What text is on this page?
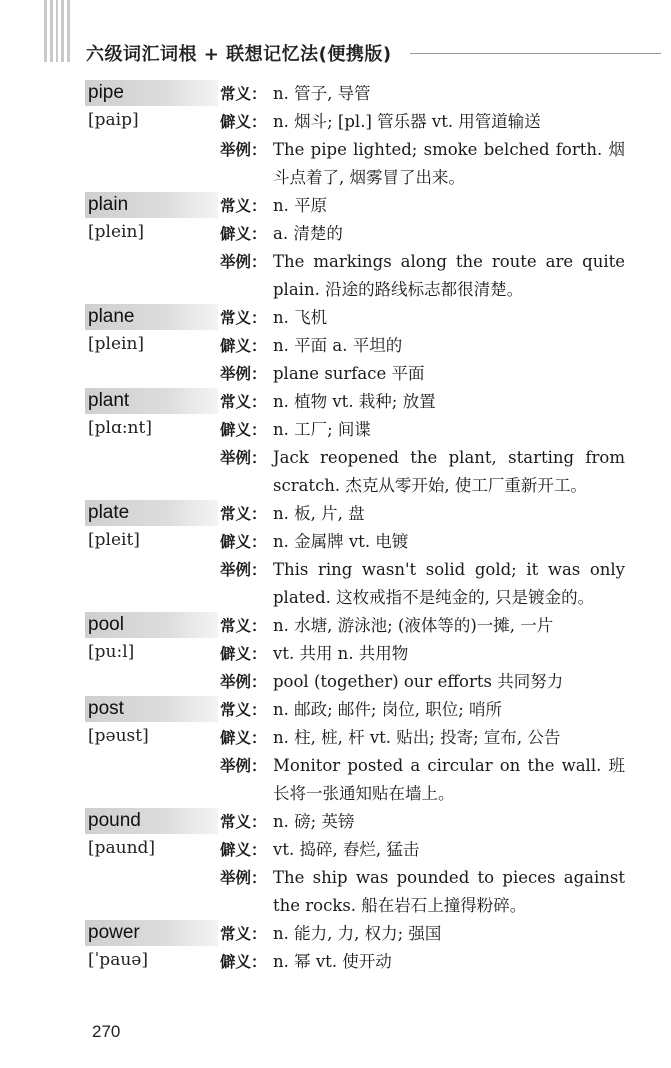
六级词汇词根 + 联想记忆法(便携版)
pipe
[paip]
常义： n. 管子, 导管
僻义： n. 烟斗; [pl.] 管乐器 vt. 用管道输送
举例： The pipe lighted; smoke belched forth. 烟斗点着了, 烟雾冒了出来。
plain
[plein]
常义： n. 平原
僻义： a. 清楚的
举例： The markings along the route are quite plain. 沿途的路线标志都很清楚。
plane
[plein]
常义： n. 飞机
僻义： n. 平面 a. 平坦的
举例： plane surface 平面
plant
[plɑ:nt]
常义： n. 植物 vt. 栽种; 放置
僻义： n. 工厂; 间谍
举例： Jack reopened the plant, starting from scratch. 杰克从零开始, 使工厂重新开工。
plate
[pleit]
常义： n. 板, 片, 盘
僻义： n. 金属牌 vt. 电镀
举例： This ring wasn't solid gold; it was only plated. 这枚戒指不是纯金的, 只是镀金的。
pool
[pu:l]
常义： n. 水塘, 游泳池; (液体等的)一摊, 一片
僻义： vt. 共用 n. 共用物
举例： pool (together) our efforts 共同努力
post
[pəust]
常义： n. 邮政; 邮件; 岗位, 职位; 哨所
僻义： n. 柱, 桩, 杆 vt. 贴出; 投寄; 宣布, 公告
举例： Monitor posted a circular on the wall. 班长将一张通知贴在墙上。
pound
[paund]
常义： n. 磅; 英镑
僻义： vt. 捣碎, 舂烂, 猛击
举例： The ship was pounded to pieces against the rocks. 船在岩石上撞得粉碎。
power
[ˈpauə]
常义： n. 能力, 力, 权力; 强国
僻义： n. 幂 vt. 使开动
270
